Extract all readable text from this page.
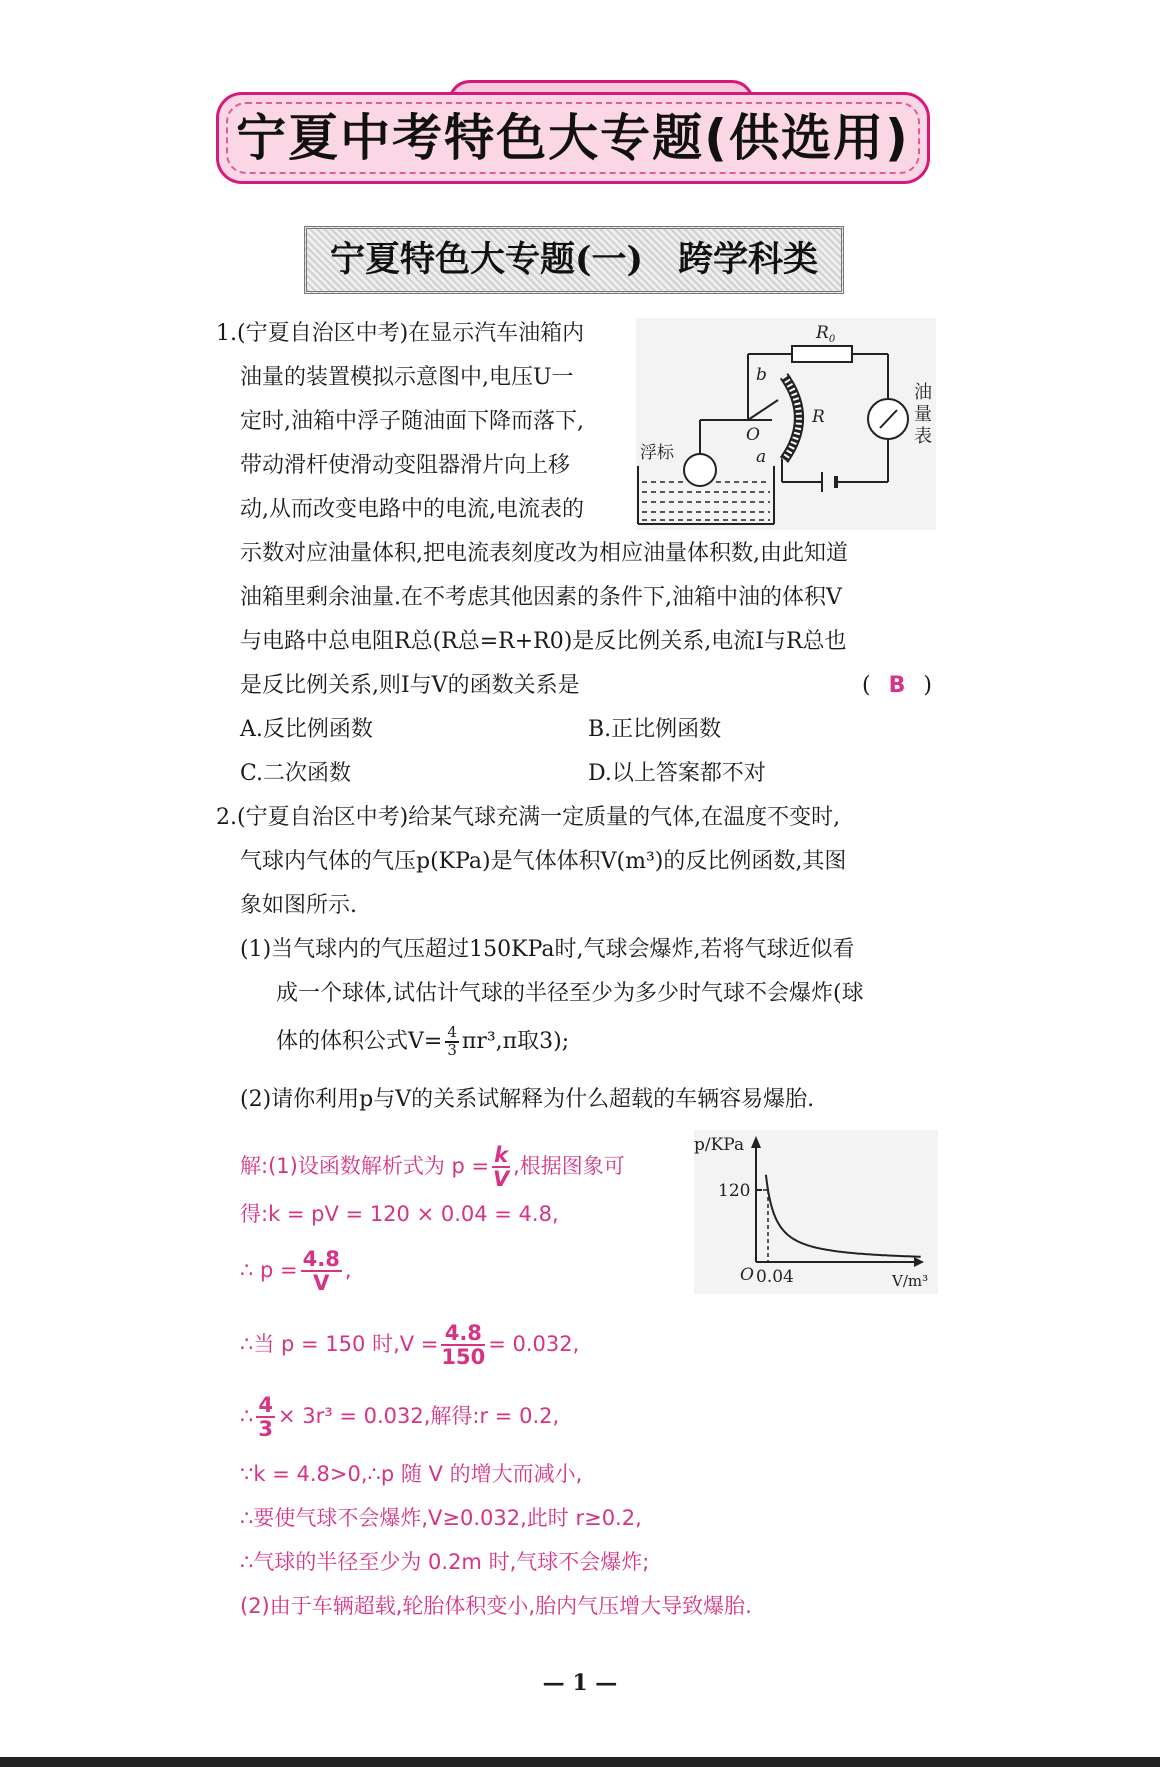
宁夏中考特色大专题(供选用)
宁夏特色大专题(一)　跨学科类
1.(宁夏自治区中考)在显示汽车油箱内
油量的装置模拟示意图中,电压U一
定时,油箱中浮子随油面下降而落下,
带动滑杆使滑动变阻器滑片向上移
动,从而改变电路中的电流,电流表的
示数对应油量体积,把电流表刻度改为相应油量体积数,由此知道
油箱里剩余油量.在不考虑其他因素的条件下,油箱中油的体积V
与电路中总电阻R总(R总=R+R0)是反比例关系,电流I与R总也
是反比例关系,则I与V的函数关系是	( B )
A.反比例函数	B.正比例函数
C.二次函数	D.以上答案都不对
$R_0$
b
O
R
a
浮标
油
量
表
2.(宁夏自治区中考)给某气球充满一定质量的气体,在温度不变时,
气球内气体的气压p(KPa)是气体体积V(m³)的反比例函数,其图
象如图所示.
(1)当气球内的气压超过150KPa时,气球会爆炸,若将气球近似看
成一个球体,试估计气球的半径至少为多少时气球不会爆炸(球
体的体积公式$V= \frac{4}{3} \pi r^3,\pi$取3);
(2)请你利用p与V的关系试解释为什么超载的车辆容易爆胎.
p/KPa
120
O 0.04	V/m³
解:(1)设函数解析式为 $p = \frac{k}{V}$ ,根据图象可
得:k = pV = 120 × 0.04 = 4.8,
∴ $p = \frac{4.8}{V}$ ,
∴当 p = 150 时$,V = \frac{4.8}{150} = 0.032$,
∴ $\frac{4}{3} \times 3r^3 = 0.032$,解得:r = 0.2,
∵k = 4.8>0,∴p 随 V 的增大而减小,
∴要使气球不会爆炸,V≥0.032,此时 r≥0.2,
∴气球的半径至少为 0.2m 时,气球不会爆炸;
(2)由于车辆超载,轮胎体积变小,胎内气压增大导致爆胎.
— 1 —
